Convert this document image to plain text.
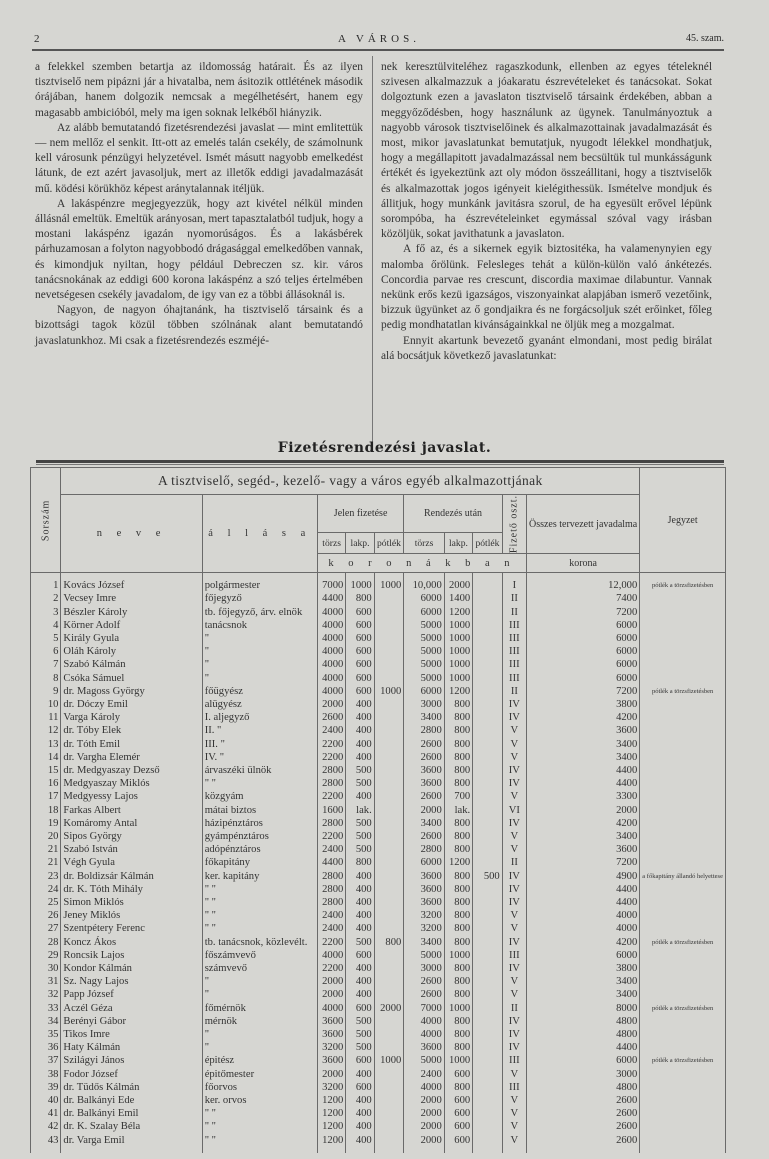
2	A VÁROS.	45. szam.

a felekkel szemben betartja az ildomosság határait. És az ilyen tisztviselő nem pipázni jár a hivatalba, nem ásitozik ottlétének második órájában, hanem dolgozik nemcsak a megélhetésért, hanem egy magasabb ambicióból, mely ma igen soknak lelkéből hiányzik.

Az alább bemutatandó fizetésrendezési javaslat — mint emlitettük — nem mellőz el senkit. Itt-ott az emelés talán csekély, de számolnunk kell városunk pénzügyi helyzetével. Ismét másutt nagyobb emelkedést látunk, de ezt azért javasoljuk, mert az illetők eddigi javadalmazását mű. ködési körükhöz képest aránytalannak itéljük.

A lakáspénzre megjegyezzük, hogy azt kivétel nélkül minden állásnál emeltük. Emeltük arányosan, mert tapasztalatból tudjuk, hogy a mostani lakáspénz igazán nyomorúságos. És a lakásbérek párhuzamosan a folyton nagyobbodó drágasággal emelkedőben vannak, és kimondjuk nyiltan, hogy például Debreczen sz. kir. város tanácsnokának az eddigi 600 korona lakáspénz a szó teljes értelmében nevetségesen csekély javadalom, de igy van ez a többi állásoknál is.

Nagyon, de nagyon óhajtanánk, ha tisztviselő társaink és a bizottsági tagok közül többen szólnának alant bemutatandó javaslatunkhoz. Mi csak a fizetésrendezés eszméjé-

nek keresztülviteléhez ragaszkodunk, ellenben az egyes tételeknél szivesen alkalmazzuk a jóakaratu észrevételeket és tanácsokat. Sokat dolgoztunk ezen a javaslaton tisztviselő társaink érdekében, abban a meggyőződésben, hogy használunk az ügynek. Tanulmányoztuk a nagyobb városok tisztviselőinek és alkalmazottainak javadalmazását és most, mikor javaslatunkat bemutatjuk, nyugodt lélekkel mondhatjuk, hogy a megállapitott javadalmazással nem becsültük tul munkásságunk értékét és igyekeztünk azt oly módon összeállitani, hogy a tisztviselők és alkalmazottak jogos igényeit kielégithessük. Ismételve mondjuk és állitjuk, hogy munkánk javitásra szorul, de ha egyesült erővel lépünk sorompóba, ha észrevételeinket egymással szóval vagy irásban közöljük, sokat javithatunk a javaslaton.

A fő az, és a sikernek egyik biztositéka, ha valamenynyien egy malomba őrölünk. Felesleges tehát a külön-külön való ánkétezés. Concordia parvae res crescunt, discordia maximae dilabuntur. Vannak nekünk erős kezü igazságos, viszonyainkat alapjában ismerő vezetőink, bizzuk ügyünket az ő gondjaikra és ne forgácsoljuk szét erőinket, főleg pedig mondhatatlan kivánságainkkal ne öljük meg a mozgalmat.

Ennyit akartunk bevezető gyanánt elmondani, most pedig birálat alá bocsátjuk következő javaslatunkat:

Fizetésrendezési javaslat.
Sorszám	A tisztviselő, segéd-, kezelő- vagy a város egyéb alkalmazottjának										Jegyzet
	n e v e	á l l á s a	Jelen fizetése			Rendezés után			Fizető oszt.	Összes tervezett javadalma	
			törzs	lakp.	pótlék	törzs	lakp.	pótlék			
			k o r o n á k b a n							korona	
1	Kovács József	polgármester	7000	1000	1000	10,000	2000		I	12,000	pótlék a törzsfizetésben
2	Vecsey Imre	főjegyző	4400	800		6000	1400		II	7400	
3	Bészler Károly	tb. főjegyző, árv. elnök	4000	600		6000	1200		II	7200	
4	Körner Adolf	tanácsnok	4000	600		5000	1000		III	6000	
5	Király Gyula	"	4000	600		5000	1000		III	6000	
6	Oláh Károly	"	4000	600		5000	1000		III	6000	
7	Szabó Kálmán	"	4000	600		5000	1000		III	6000	
8	Csóka Sámuel	"	4000	600		5000	1000		III	6000	
9	dr. Magoss György	főügyész	4000	600	1000	6000	1200		II	7200	pótlék a törzsfizetésben
10	dr. Dóczy Emil	alügyész	2000	400		3000	800		IV	3800	
11	Varga Károly	I. aljegyző	2600	400		3400	800		IV	4200	
12	dr. Tóby Elek	II. "	2400	400		2800	800		V	3600	
13	dr. Tóth Emil	III. "	2200	400		2600	800		V	3400	
14	dr. Vargha Elemér	IV. "	2200	400		2600	800		V	3400	
15	dr. Medgyaszay Dezső	árvaszéki ülnök	2800	500		3600	800		IV	4400	
16	Medgyaszay Miklós	" "	2800	500		3600	800		IV	4400	
17	Medgyessy Lajos	közgyám	2200	400		2600	700		V	3300	
18	Farkas Albert	mátai biztos	1600	lak.		2000	lak.		VI	2000	
19	Komáromy Antal	házipénztáros	2800	500		3400	800		IV	4200	
20	Sipos György	gyámpénztáros	2200	500		2600	800		V	3400	
21	Szabó István	adópénztáros	2400	500		2800	800		V	3600	
21	Végh Gyula	főkapitány	4400	800		6000	1200		II	7200	
23	dr. Boldizsár Kálmán	ker. kapitány	2800	400		3600	800	500	IV	4900	a főkapitány állandó helyettese
24	dr. K. Tóth Mihály	" "	2800	400		3600	800		IV	4400	
25	Simon Miklós	" "	2800	400		3600	800		IV	4400	
26	Jeney Miklós	" "	2400	400		3200	800		V	4000	
27	Szentpétery Ferenc	" "	2400	400		3200	800		V	4000	
28	Koncz Ákos	tb. tanácsnok, közlevélt.	2200	500	800	3400	800		IV	4200	pótlék a törzsfizetésben
29	Roncsik Lajos	főszámvevő	4000	600		5000	1000		III	6000	
30	Kondor Kálmán	számvevő	2200	400		3000	800		IV	3800	
31	Sz. Nagy Lajos	"	2000	400		2600	800		V	3400	
32	Papp József	"	2000	400		2600	800		V	3400	
33	Aczél Géza	főmérnök	4000	600	2000	7000	1000		II	8000	pótlék a törzsfizetésben
34	Berényi Gábor	mérnök	3600	500		4000	800		IV	4800	
35	Tikos Imre	"	3600	500		4000	800		IV	4800	
36	Haty Kálmán	"	3200	500		3600	800		IV	4400	
37	Szilágyi János	épitész	3600	600	1000	5000	1000		III	6000	pótlék a törzsfizetésben
38	Fodor József	épitőmester	2000	400		2400	600		V	3000	
39	dr. Tüdős Kálmán	főorvos	3200	600		4000	800		III	4800	
40	dr. Balkányi Ede	ker. orvos	1200	400		2000	600		V	2600	
41	dr. Balkányi Emil	" "	1200	400		2000	600		V	2600	
42	dr. K. Szalay Béla	" "	1200	400		2000	600		V	2600	
43	dr. Varga Emil	" "	1200	400		2000	600		V	2600	
